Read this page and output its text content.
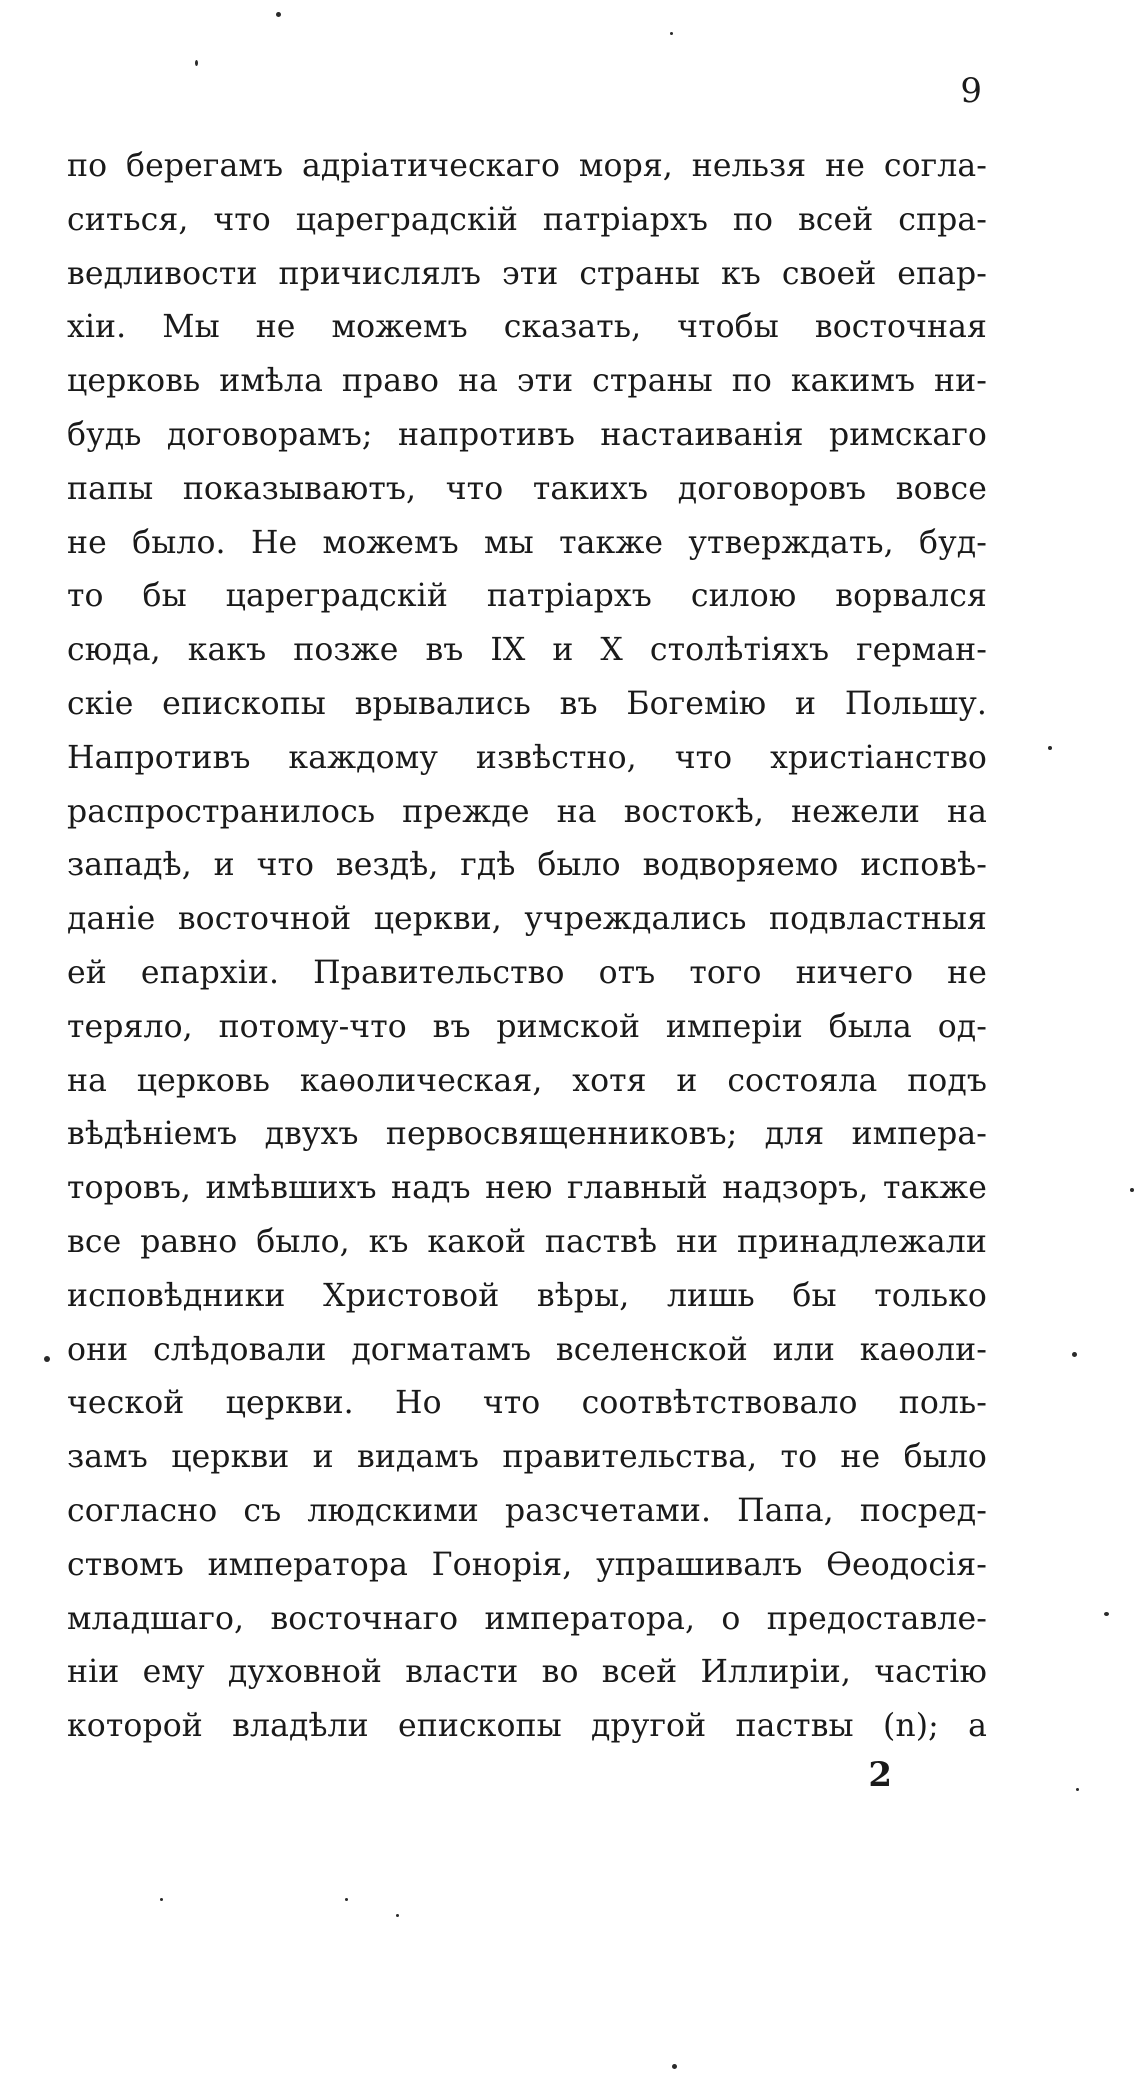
9
по берегамъ адріатическаго моря, нельзя не согла-
ситься, что цареградскій патріархъ по всей спра-
ведливости причислялъ эти страны къ своей епар-
хіи. Мы не можемъ сказать, чтобы восточная
церковь имѣла право на эти страны по какимъ ни-
будь договорамъ; напротивъ настаиванія римскаго
папы показываютъ, что такихъ договоровъ вовсе
не было. Не можемъ мы также утверждать, буд-
то бы цареградскій патріархъ силою ворвался
сюда, какъ позже въ IX и X столѣтіяхъ герман-
скіе епископы врывались въ Богемію и Польшу.
Напротивъ каждому извѣстно, что христіанство
распространилось прежде на востокѣ, нежели на
западѣ, и что вездѣ, гдѣ было водворяемо исповѣ-
даніе восточной церкви, учреждались подвластныя
ей епархіи. Правительство отъ того ничего не
теряло, потому-что въ римской имперіи была од-
на церковь каѳолическая, хотя и состояла подъ
вѣдѣніемъ двухъ первосвященниковъ; для импера-
торовъ, имѣвшихъ надъ нею главный надзоръ, также
все равно было, къ какой паствѣ ни принадлежали
исповѣдники Христовой вѣры, лишь бы только
они слѣдовали догматамъ вселенской или каѳоли-
ческой церкви. Но что соотвѣтствовало поль-
замъ церкви и видамъ правительства, то не было
согласно съ людскими разсчетами. Папа, посред-
ствомъ императора Гонорія, упрашивалъ Ѳеодосія-
младшаго, восточнаго императора, о предоставле-
ніи ему духовной власти во всей Иллиріи, частію
которой владѣли епископы другой паствы (n); а
2
